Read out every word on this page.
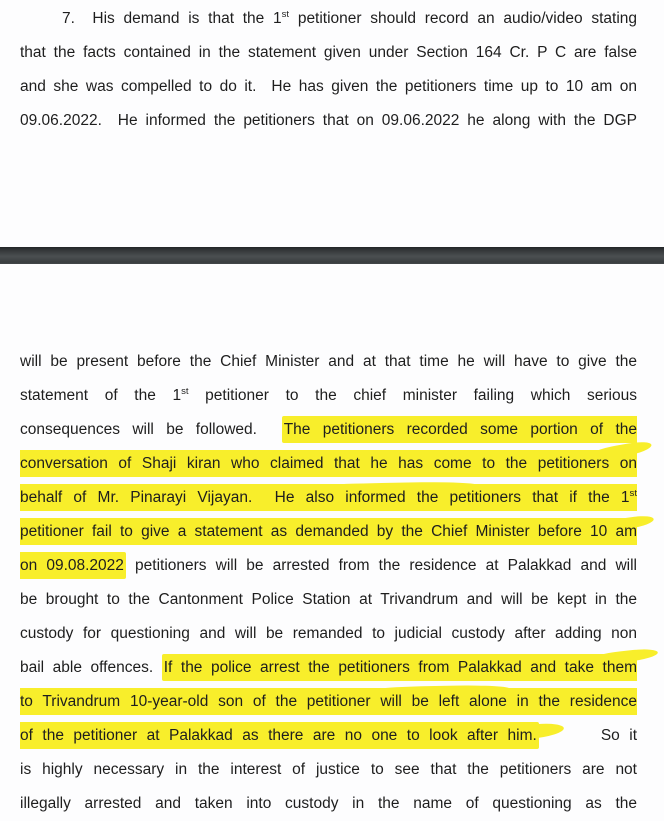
7.  His demand is that the 1st petitioner should record an audio/video stating
that the facts contained in the statement given under Section 164 Cr. P C are false
and she was compelled to do it.  He has given the petitioners time up to 10 am on
09.06.2022.  He informed the petitioners that on 09.06.2022 he along with the DGP
will be present before the Chief Minister and at that time he will have to give the
statement of the 1st petitioner to the chief minister failing which serious
consequences will be followed.  The petitioners recorded some portion of the
conversation of Shaji kiran who claimed that he has come to the petitioners on
behalf of Mr. Pinarayi Vijayan.  He also informed the petitioners that if the 1st
petitioner fail to give a statement as demanded by the Chief Minister before 10 am
on 09.08.2022 petitioners will be arrested from the residence at Palakkad and will
be brought to the Cantonment Police Station at Trivandrum and will be kept in the
custody for questioning and will be remanded to judicial custody after adding non
bail able offences. If the police arrest the petitioners from Palakkad and take them
to Trivandrum 10-year-old son of the petitioner will be left alone in the residence
of the petitioner at Palakkad as there are no one to look after him.	So it
is highly necessary in the interest of justice to see that the petitioners are not
illegally arrested and taken into custody in the name of questioning as the
